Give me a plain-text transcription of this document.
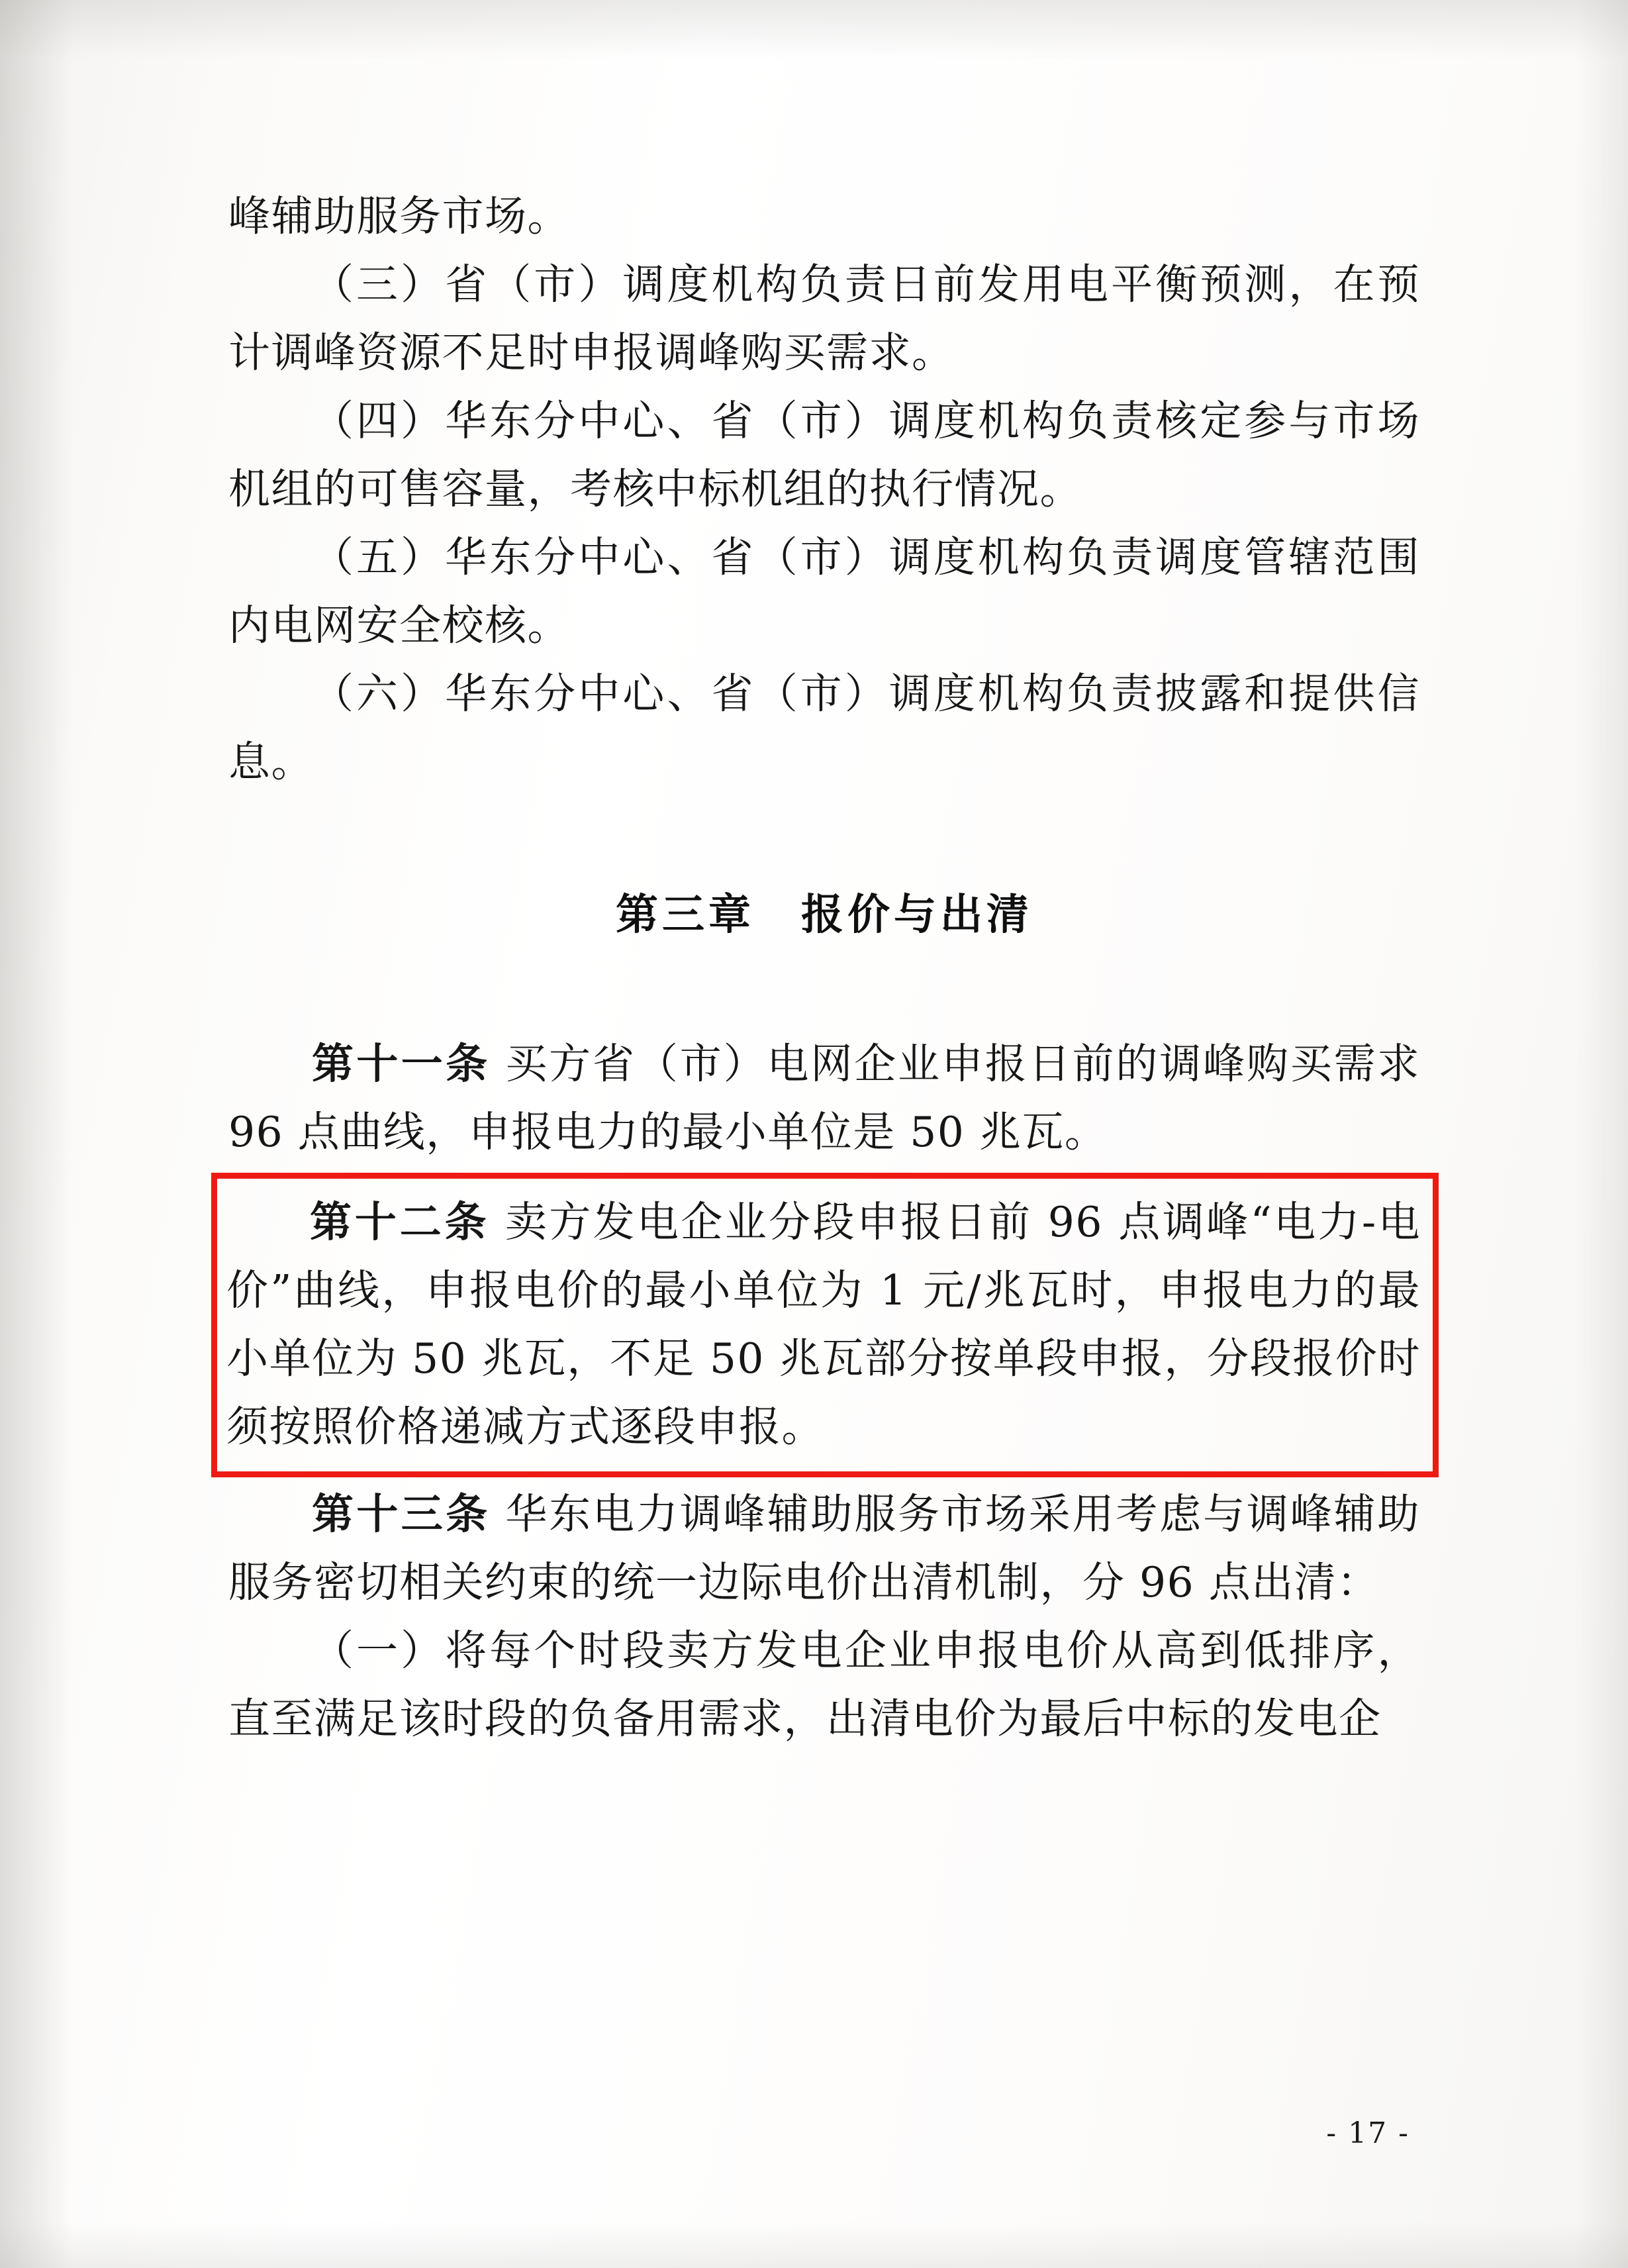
峰辅助服务市场。

（三）省（市）调度机构负责日前发用电平衡预测，在预计调峰资源不足时申报调峰购买需求。

（四）华东分中心、省（市）调度机构负责核定参与市场机组的可售容量，考核中标机组的执行情况。

（五）华东分中心、省（市）调度机构负责调度管辖范围内电网安全校核。

（六）华东分中心、省（市）调度机构负责披露和提供信息。

第三章　报价与出清

第十一条 买方省（市）电网企业申报日前的调峰购买需求 96 点曲线，申报电力的最小单位是 50 兆瓦。

第十二条 卖方发电企业分段申报日前 96 点调峰“电力-电价”曲线，申报电价的最小单位为 1 元/兆瓦时，申报电力的最小单位为 50 兆瓦，不足 50 兆瓦部分按单段申报，分段报价时须按照价格递减方式逐段申报。

第十三条 华东电力调峰辅助服务市场采用考虑与调峰辅助服务密切相关约束的统一边际电价出清机制，分 96 点出清：

（一）将每个时段卖方发电企业申报电价从高到低排序，直至满足该时段的负备用需求，出清电价为最后中标的发电企

- 17 -
